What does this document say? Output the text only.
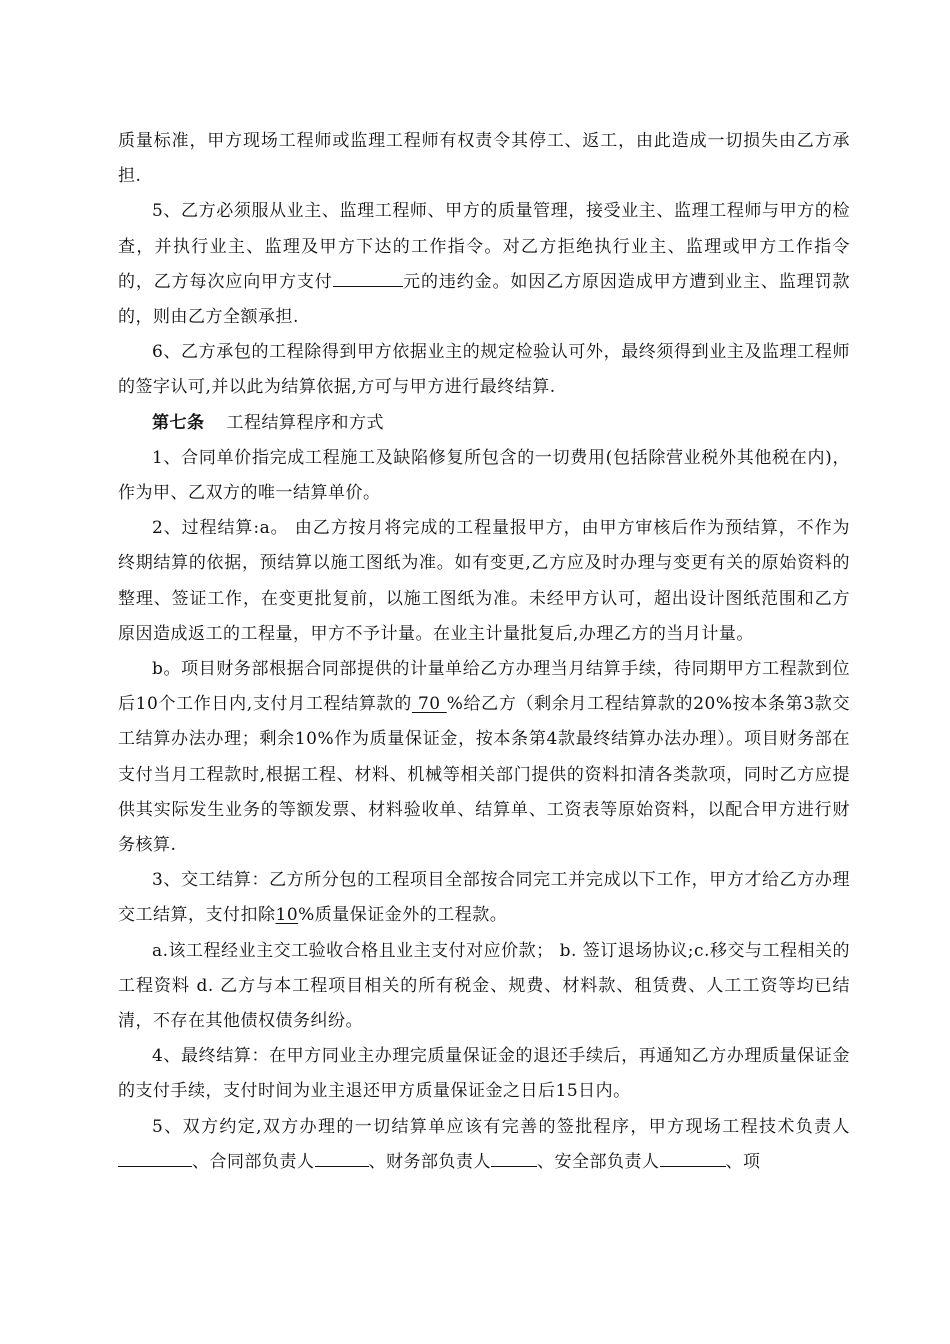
质量标准，甲方现场工程师或监理工程师有权责令其停工、返工，由此造成一切损失由乙方承担.

5、乙方必须服从业主、监理工程师、甲方的质量管理，接受业主、监理工程师与甲方的检查，并执行业主、监理及甲方下达的工作指令。对乙方拒绝执行业主、监理或甲方工作指令的，乙方每次应向甲方支付	元的违约金。如因乙方原因造成甲方遭到业主、监理罚款的，则由乙方全额承担.

6、乙方承包的工程除得到甲方依据业主的规定检验认可外，最终须得到业主及监理工程师的签字认可,并以此为结算依据,方可与甲方进行最终结算.

第七条 工程结算程序和方式

1、合同单价指完成工程施工及缺陷修复所包含的一切费用(包括除营业税外其他税在内)，作为甲、乙双方的唯一结算单价。

2、过程结算:a。 由乙方按月将完成的工程量报甲方，由甲方审核后作为预结算，不作为终期结算的依据，预结算以施工图纸为准。如有变更,乙方应及时办理与变更有关的原始资料的整理、签证工作，在变更批复前，以施工图纸为准。未经甲方认可，超出设计图纸范围和乙方原因造成返工的工程量，甲方不予计量。在业主计量批复后,办理乙方的当月计量。

b。项目财务部根据合同部提供的计量单给乙方办理当月结算手续，待同期甲方工程款到位后10个工作日内,支付月工程结算款的 70 %给乙方（剩余月工程结算款的20%按本条第3款交工结算办法办理；剩余10%作为质量保证金，按本条第4款最终结算办法办理）。项目财务部在支付当月工程款时,根据工程、材料、机械等相关部门提供的资料扣清各类款项，同时乙方应提供其实际发生业务的等额发票、材料验收单、结算单、工资表等原始资料，以配合甲方进行财务核算.

3、交工结算：乙方所分包的工程项目全部按合同完工并完成以下工作，甲方才给乙方办理交工结算，支付扣除10%质量保证金外的工程款。

a.该工程经业主交工验收合格且业主支付对应价款； b. 签订退场协议;c.移交与工程相关的工程资料 d. 乙方与本工程项目相关的所有税金、规费、材料款、租赁费、人工工资等均已结清，不存在其他债权债务纠纷。

4、最终结算：在甲方同业主办理完质量保证金的退还手续后，再通知乙方办理质量保证金的支付手续，支付时间为业主退还甲方质量保证金之日后15日内。

5、双方约定,双方办理的一切结算单应该有完善的签批程序，甲方现场工程技术负责人、合同部负责人	、财务部负责人	、安全部负责人	、项
